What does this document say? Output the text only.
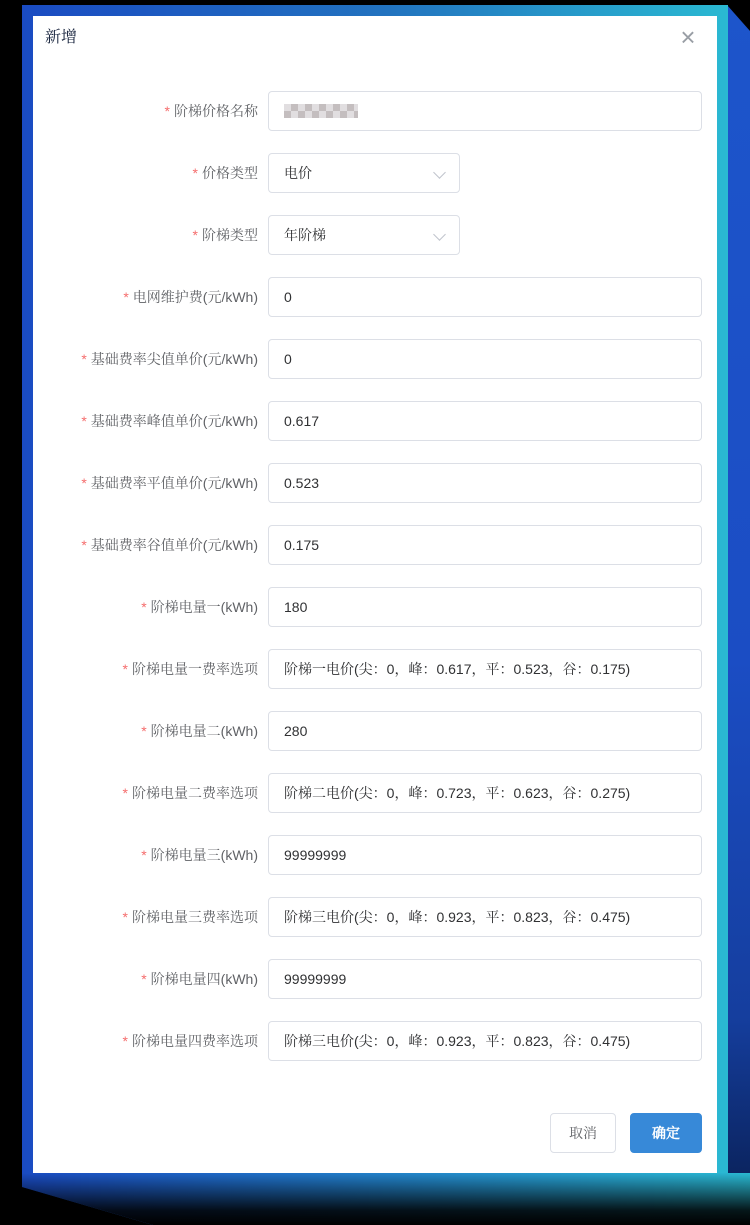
新增	×
* 阶梯价格名称
* 价格类型	电价
* 阶梯类型	年阶梯
* 电网维护费(元/kWh)	0
* 基础费率尖值单价(元/kWh)	0
* 基础费率峰值单价(元/kWh)	0.617
* 基础费率平值单价(元/kWh)	0.523
* 基础费率谷值单价(元/kWh)	0.175
* 阶梯电量一(kWh)	180
* 阶梯电量一费率选项	阶梯一电价(尖：0，峰：0.617，平：0.523，谷：0.175)
* 阶梯电量二(kWh)	280
* 阶梯电量二费率选项	阶梯二电价(尖：0，峰：0.723，平：0.623，谷：0.275)
* 阶梯电量三(kWh)	99999999
* 阶梯电量三费率选项	阶梯三电价(尖：0，峰：0.923，平：0.823，谷：0.475)
* 阶梯电量四(kWh)	99999999
* 阶梯电量四费率选项	阶梯三电价(尖：0，峰：0.923，平：0.823，谷：0.475)
取消	确定
